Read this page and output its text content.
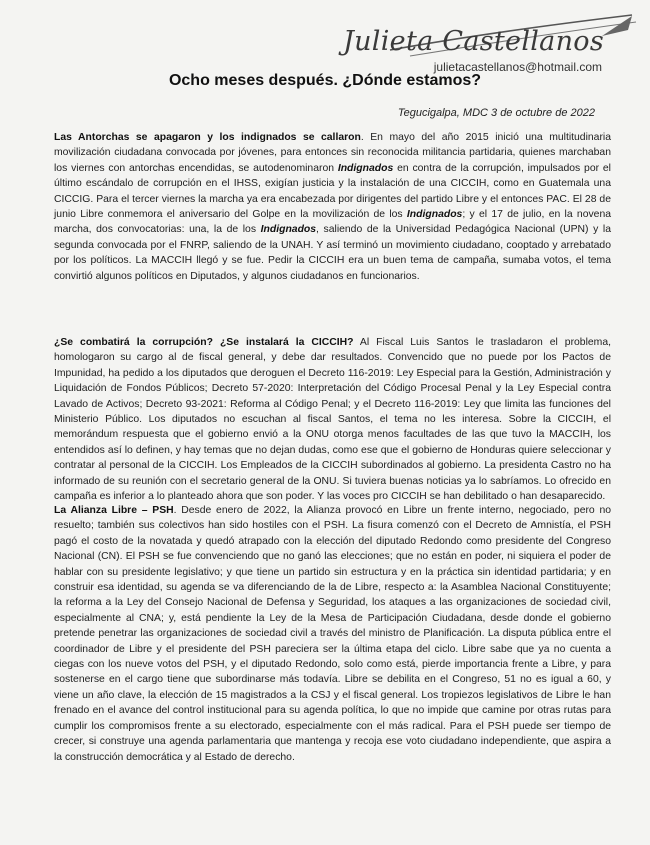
Julieta Castellanos
julietacastellanos@hotmail.com
Ocho meses después. ¿Dónde estamos?
Tegucigalpa, MDC 3 de octubre de 2022

Las Antorchas se apagaron y los indignados se callaron. En mayo del año 2015 inició una multitudinaria movilización ciudadana convocada por jóvenes, para entonces sin reconocida militancia partidaria, quienes marchaban los viernes con antorchas encendidas, se autodenominaron Indignados en contra de la corrupción, impulsados por el último escándalo de corrupción en el IHSS, exigían justicia y la instalación de una CICCIH, como en Guatemala una CICCIG. Para el tercer viernes la marcha ya era encabezada por dirigentes del partido Libre y el entonces PAC. El 28 de junio Libre conmemora el aniversario del Golpe en la movilización de los Indignados; y el 17 de julio, en la novena marcha, dos convocatorias: una, la de los Indignados, saliendo de la Universidad Pedagógica Nacional (UPN) y la segunda convocada por el FNRP, saliendo de la UNAH. Y así terminó un movimiento ciudadano, cooptado y arrebatado por los políticos. La MACCIH llegó y se fue. Pedir la CICCIH era un buen tema de campaña, sumaba votos, el tema convirtió algunos políticos en Diputados, y algunos ciudadanos en funcionarios.

¿Se combatirá la corrupción? ¿Se instalará la CICCIH? Al Fiscal Luis Santos le trasladaron el problema, homologaron su cargo al de fiscal general, y debe dar resultados. Convencido que no puede por los Pactos de Impunidad, ha pedido a los diputados que deroguen el Decreto 116-2019: Ley Especial para la Gestión, Administración y Liquidación de Fondos Públicos; Decreto 57-2020: Interpretación del Código Procesal Penal y la Ley Especial contra Lavado de Activos; Decreto 93-2021: Reforma al Código Penal; y el Decreto 116-2019: Ley que limita las funciones del Ministerio Público. Los diputados no escuchan al fiscal Santos, el tema no les interesa. Sobre la CICCIH, el memorándum respuesta que el gobierno envió a la ONU otorga menos facultades de las que tuvo la MACCIH, los entendidos así lo definen, y hay temas que no dejan dudas, como ese que el gobierno de Honduras quiere seleccionar y contratar al personal de la CICCIH. Los Empleados de la CICCIH subordinados al gobierno. La presidenta Castro no ha informado de su reunión con el secretario general de la ONU. Si tuviera buenas noticias ya lo sabríamos. Lo ofrecido en campaña es inferior a lo planteado ahora que son poder. Y las voces pro CICCIH se han debilitado o han desaparecido.

La Alianza Libre – PSH. Desde enero de 2022, la Alianza provocó en Libre un frente interno, negociado, pero no resuelto; también sus colectivos han sido hostiles con el PSH. La fisura comenzó con el Decreto de Amnistía, el PSH pagó el costo de la novatada y quedó atrapado con la elección del diputado Redondo como presidente del Congreso Nacional (CN). El PSH se fue convenciendo que no ganó las elecciones; que no están en poder, ni siquiera el poder de hablar con su presidente legislativo; y que tiene un partido sin estructura y en la práctica sin identidad partidaria; y en construir esa identidad, su agenda se va diferenciando de la de Libre, respecto a: la Asamblea Nacional Constituyente; la reforma a la Ley del Consejo Nacional de Defensa y Seguridad, los ataques a las organizaciones de sociedad civil, especialmente al CNA; y, está pendiente la Ley de la Mesa de Participación Ciudadana, desde donde el gobierno pretende penetrar las organizaciones de sociedad civil a través del ministro de Planificación. La disputa pública entre el coordinador de Libre y el presidente del PSH pareciera ser la última etapa del ciclo. Libre sabe que ya no cuenta a ciegas con los nueve votos del PSH, y el diputado Redondo, solo como está, pierde importancia frente a Libre, y para sostenerse en el cargo tiene que subordinarse más todavía. Libre se debilita en el Congreso, 51 no es igual a 60, y viene un año clave, la elección de 15 magistrados a la CSJ y el fiscal general. Los tropiezos legislativos de Libre le han frenado en el avance del control institucional para su agenda política, lo que no impide que camine por otras rutas para cumplir los compromisos frente a su electorado, especialmente con el más radical. Para el PSH puede ser tiempo de crecer, si construye una agenda parlamentaria que mantenga y recoja ese voto ciudadano independiente, que aspira a la construcción democrática y al Estado de derecho.
